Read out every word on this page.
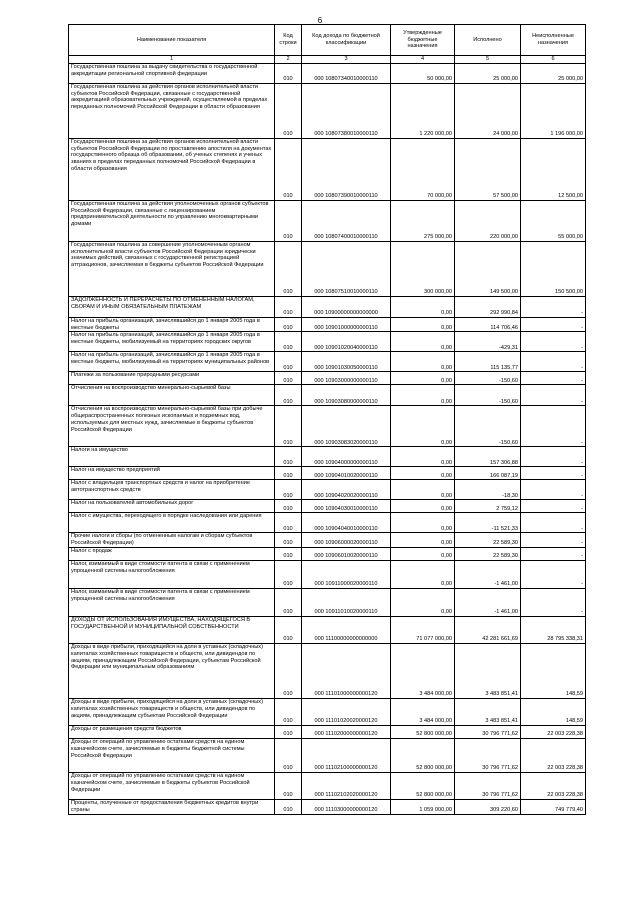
6
Наименование показателя	Код строки	Код дохода по бюджетной классификации	Утвержденные бюджетные назначения	Исполнено	Неисполненные назначения
1	2	3	4	5	6
Государственная пошлина за выдачу свидетельства о государственной аккредитации региональной спортивной федерации	010	000 10807340010000110	50 000,00	25 000,00	25 000,00
Государственная пошлина за действия органов исполнительной власти субъектов Российской Федерации, связанные с государственной аккредитацией образовательных учреждений, осуществляемой в пределах переданных полномочий Российской Федерации в области образования	010	000 10807380010000110	1 220 000,00	24 000,00	1 196 000,00
Государственная пошлина за действия органов исполнительной власти субъектов Российской Федерации по проставлению апостиля на документах государственного образца об образовании, об ученых степенях и ученых званиях в пределах переданных полномочий Российской Федерации в области образования	010	000 10807390010000110	70 000,00	57 500,00	12 500,00
Государственная пошлина за действия уполномоченных органов субъектов Российской Федерации, связанные с лицензированием предпринимательской деятельности по управлению многоквартирными домами	010	000 10807400010000110	275 000,00	220 000,00	55 000,00
Государственная пошлина за совершение уполномоченным органом исполнительной власти субъектов Российской Федерации юридически значимых действий, связанных с государственной регистрацией аттракционов, зачисляемая в бюджеты субъектов Российской Федерации	010	000 10807510010000110	300 000,00	149 500,00	150 500,00
ЗАДОЛЖЕННОСТЬ И ПЕРЕРАСЧЕТЫ ПО ОТМЕНЕННЫМ НАЛОГАМ, СБОРАМ И ИНЫМ ОБЯЗАТЕЛЬНЫМ ПЛАТЕЖАМ	010	000 10900000000000000	0,00	292 990,84	-
Налог на прибыль организаций, зачислявшийся до 1 января 2005 года в местные бюджеты	010	000 10901000000000110	0,00	114 706,46	-
Налог на прибыль организаций, зачислявшийся до 1 января 2005 года в местные бюджеты, мобилизуемый на территориях городских округов	010	000 10901020040000110	0,00	-429,31	-
Налог на прибыль организаций, зачислявшийся до 1 января 2005 года в местные бюджеты, мобилизуемый на территориях муниципальных районов	010	000 10901030050000110	0,00	115 135,77	-
Платежи за пользование природными ресурсами	010	000 10903000000000110	0,00	-150,60	-
Отчисления на воспроизводство минерально-сырьевой базы	010	000 10903080000000110	0,00	-150,60	-
Отчисления на воспроизводство минерально-сырьевой базы при добыче общераспространенных полезных ископаемых и подземных вод, используемых для местных нужд, зачисляемые в бюджеты субъектов Российской Федерации	010	000 10903083020000110	0,00	-150,60	-
Налоги на имущество	010	000 10904000000000110	0,00	157 306,88	-
Налог на имущество предприятий	010	000 10904010020000110	0,00	166 087,19	-
Налог с владельцев транспортных средств и налог на приобретение автотранспортных средств	010	000 10904020020000110	0,00	-18,30	-
Налог на пользователей автомобильных дорог	010	000 10904030010000110	0,00	2 759,12	-
Налог с имущества, переходящего в порядке наследования или дарения	010	000 10904040010000110	0,00	-11 521,33	-
Прочие налоги и сборы (по отмененным налогам и сборам субъектов Российской Федерации)	010	000 10906000020000110	0,00	22 589,30	-
Налог с продаж	010	000 10906010020000110	0,00	22 589,30	-
Налог, взимаемый в виде стоимости патента в связи с применением упрощенной системы налогообложения	010	000 10911000020000110	0,00	-1 461,00	-
Налог, взимаемый в виде стоимости патента в связи с применением упрощенной системы налогообложения	010	000 10911010020000110	0,00	-1 461,00	-
ДОХОДЫ ОТ ИСПОЛЬЗОВАНИЯ ИМУЩЕСТВА, НАХОДЯЩЕГОСЯ В ГОСУДАРСТВЕННОЙ И МУНИЦИПАЛЬНОЙ СОБСТВЕННОСТИ	010	000 11100000000000000	71 077 000,00	42 281 661,69	28 795 338,31
Доходы в виде прибыли, приходящейся на доли в уставных (складочных) капиталах хозяйственных товариществ и обществ, или дивидендов по акциям, принадлежащим Российской Федерации, субъектам Российской Федерации или муниципальным образованиям	010	000 11101000000000120	3 484 000,00	3 483 851,41	148,59
Доходы в виде прибыли, приходящейся на доли в уставных (складочных) капиталах хозяйственных товариществ и обществ, или дивидендов по акциям, принадлежащим субъектам Российской Федерации	010	000 11101020020000120	3 484 000,00	3 483 851,41	148,59
Доходы от размещения средств бюджетов	010	000 11102000000000120	52 800 000,00	30 796 771,62	22 003 228,38
Доходы от операций по управлению остатками средств на едином казначейском счете, зачисляемые в бюджеты бюджетной системы Российской Федерации	010	000 11102100000000120	52 800 000,00	30 796 771,62	22 003 228,38
Доходы от операций по управлению остатками средств на едином казначейском счете, зачисляемые в бюджеты субъектов Российской Федерации	010	000 11102102020000120	52 800 000,00	30 796 771,62	22 003 228,38
Проценты, полученные от предоставления бюджетных кредитов внутри страны	010	000 11103000000000120	1 059 000,00	309 220,60	749 779,40
